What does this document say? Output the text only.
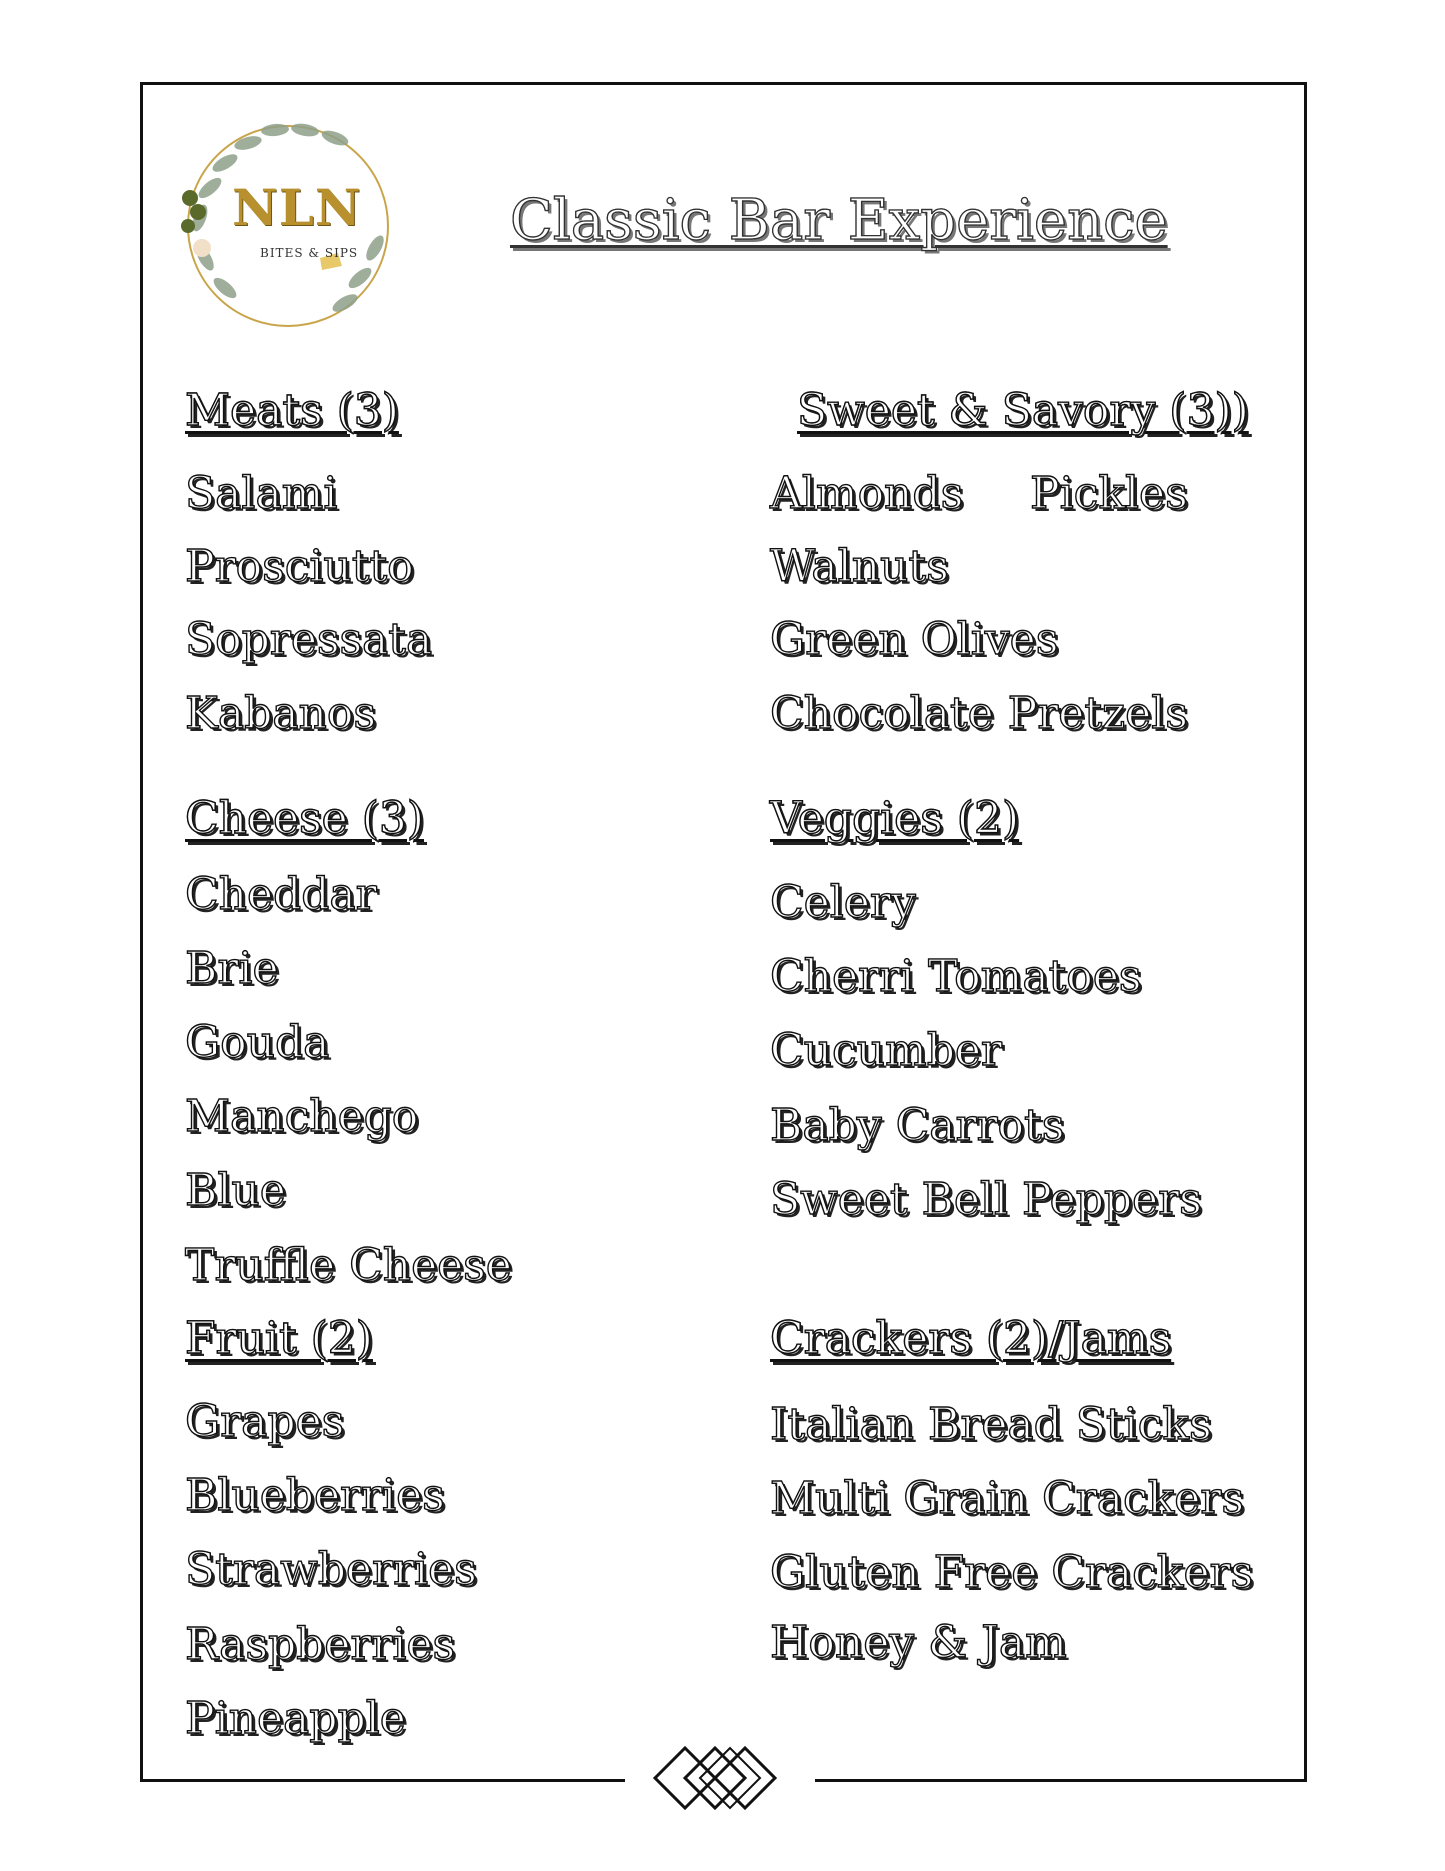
NLN
BITES & SIPS	Classic Bar Experience
Meats (3)
Salami
Prosciutto
Sopressata
Kabanos
Cheese (3)
Cheddar
Brie
Gouda
Manchego
Blue
Truffle Cheese
Fruit (2)
Grapes
Blueberries
Strawberries
Raspberries
Pineapple
Sweet & Savory (3))
Almonds Pickles
Walnuts
Green Olives
Chocolate Pretzels
Veggies (2)
Celery
Cherri Tomatoes
Cucumber
Baby Carrots
Sweet Bell Peppers
Crackers (2)/Jams
Italian Bread Sticks
Multi Grain Crackers
Gluten Free Crackers
Honey & Jam
